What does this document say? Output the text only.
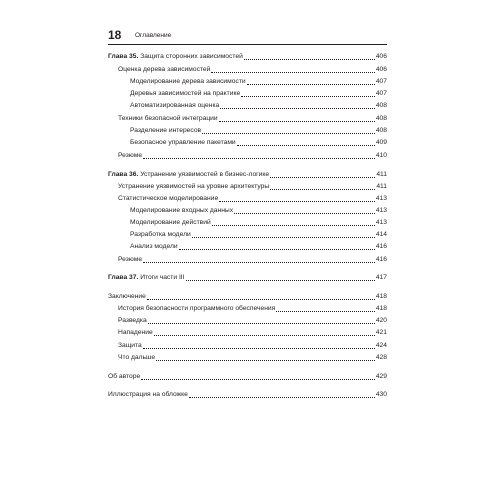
18 Оглавление
Глава 35. Защита сторонних зависимостей	406
Оценка дерева зависимостей	406
Моделирование дерева зависимости	407
Деревья зависимостей на практике	407
Автоматизированная оценка	408
Техники безопасной интеграции	408
Разделение интересов	408
Безопасное управление пакетами	409
Резюме	410
Глава 36. Устранение уязвимостей в бизнес-логике	411
Устранение уязвимостей на уровне архитектуры	411
Статистическое моделирование	413
Моделирование входных данных	413
Моделирование действий	413
Разработка модели	414
Анализ модели	416
Резюме	416
Глава 37. Итоги части III	417
Заключение	418
История безопасности программного обеспечения	418
Разведка	420
Нападение	421
Защита	424
Что дальше	428
Об авторе	429
Иллюстрация на обложке	430
